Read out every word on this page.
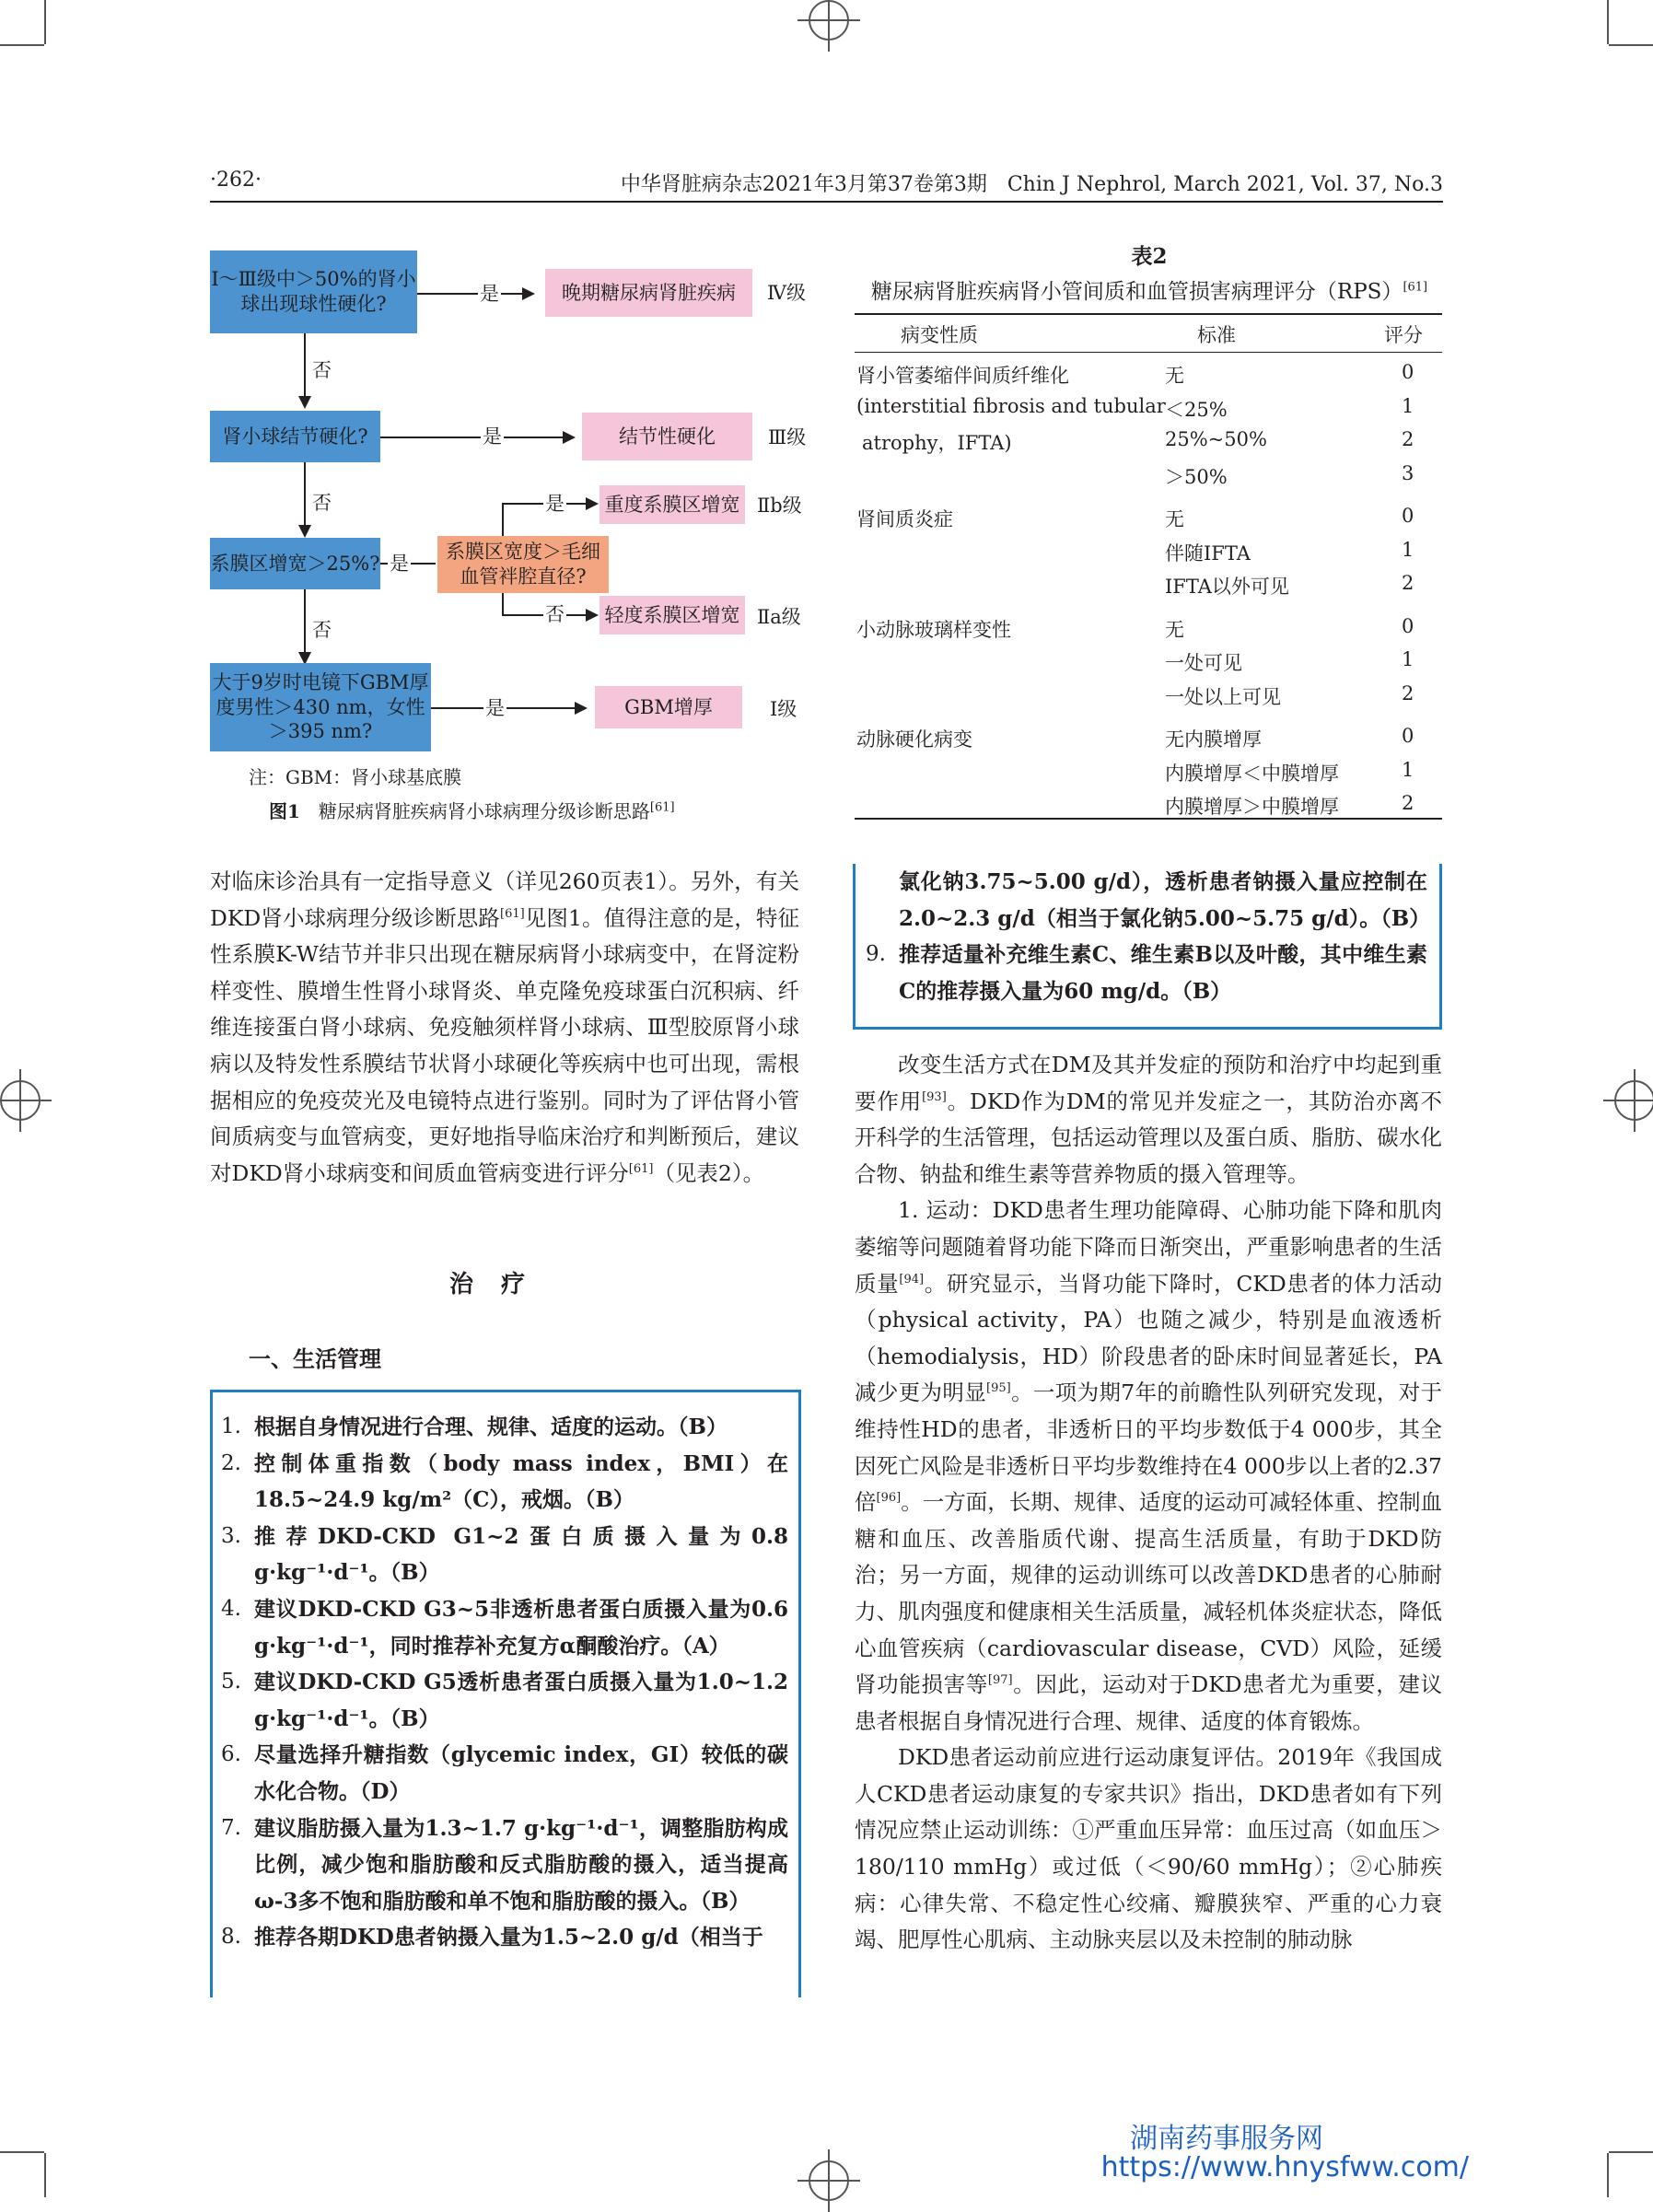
·262·	中华肾脏病杂志2021年3月第37卷第3期　Chin J Nephrol, March 2021, Vol. 37, No.3
Ⅰ～Ⅲ级中＞50%的肾小球出现球性硬化?	是	晚期糖尿病肾脏疾病	Ⅳ级
否
肾小球结节硬化?	是	结节性硬化	Ⅲ级
否
系膜区增宽＞25%? 是
系膜区宽度＞毛细血管袢腔直径?
是 重度系膜区增宽 Ⅱb级
否 轻度系膜区增宽 Ⅱa级
否
大于9岁时电镜下GBM厚度男性＞430 nm，女性＞395 nm?
是	GBM增厚	Ⅰ级
注：GBM：肾小球基底膜
图1　 糖尿病肾脏疾病肾小球病理分级诊断思路[61]

对临床诊治具有一定指导意义（详见260页表1）。另外，有关DKD肾小球病理分级诊断思路[61]见图1。值得注意的是，特征性系膜K-W结节并非只出现在糖尿病肾小球病变中，在肾淀粉样变性、膜增生性肾小球肾炎、单克隆免疫球蛋白沉积病、纤维连接蛋白肾小球病、免疫触须样肾小球病、Ⅲ型胶原肾小球病以及特发性系膜结节状肾小球硬化等疾病中也可出现，需根据相应的免疫荧光及电镜特点进行鉴别。同时为了评估肾小管间质病变与血管病变，更好地指导临床治疗和判断预后，建议对DKD肾小球病变和间质血管病变进行评分[61]（见表2）。

治疗
一、生活管理
1. 根据自身情况进行合理、规律、适度的运动。（B）
2. 控制体重指数（body mass index，BMI）在18.5~24.9 kg/m²（C），戒烟。（B）
3. 推荐DKD-CKD G1~2蛋白质摄入量为0.8 g·kg⁻¹·d⁻¹。（B）
4. 建议DKD-CKD G3~5非透析患者蛋白质摄入量为0.6 g·kg⁻¹·d⁻¹，同时推荐补充复方α酮酸治疗。（A）
5. 建议DKD-CKD G5透析患者蛋白质摄入量为1.0~1.2 g·kg⁻¹·d⁻¹。（B）
6. 尽量选择升糖指数（glycemic index，GI）较低的碳水化合物。（D）
7. 建议脂肪摄入量为1.3~1.7 g·kg⁻¹·d⁻¹，调整脂肪构成比例，减少饱和脂肪酸和反式脂肪酸的摄入，适当提高ω-3多不饱和脂肪酸和单不饱和脂肪酸的摄入。（B）
8. 推荐各期DKD患者钠摄入量为1.5~2.0 g/d（相当于
表2　糖尿病肾脏疾病肾小管间质和血管损害病理评分（RPS）[61]
病变性质	标准	评分
肾小管萎缩伴间质纤维化	无	0
(interstitial fibrosis and tubular ＜25%	1
atrophy，IFTA)	25%~50%	2
＞50%	3
肾间质炎症	无	0
伴随IFTA	1
IFTA以外可见	2
小动脉玻璃样变性	无	0
一处可见	1
一处以上可见	2
动脉硬化病变	无内膜增厚	0
内膜增厚＜中膜增厚	1
内膜增厚＞中膜增厚	2
氯化钠3.75~5.00 g/d），透析患者钠摄入量应控制在2.0~2.3 g/d（相当于氯化钠5.00~5.75 g/d）。（B）
9. 推荐适量补充维生素C、维生素B以及叶酸，其中维生素C的推荐摄入量为60 mg/d。（B）

改变生活方式在DM及其并发症的预防和治疗中均起到重要作用[93]。DKD作为DM的常见并发症之一，其防治亦离不开科学的生活管理，包括运动管理以及蛋白质、脂肪、碳水化合物、钠盐和维生素等营养物质的摄入管理等。

1. 运动：DKD患者生理功能障碍、心肺功能下降和肌肉萎缩等问题随着肾功能下降而日渐突出，严重影响患者的生活质量[94]。研究显示，当肾功能下降时，CKD患者的体力活动（physical activity，PA）也随之减少，特别是血液透析（hemodialysis，HD）阶段患者的卧床时间显著延长，PA减少更为明显[95]。一项为期7年的前瞻性队列研究发现，对于维持性HD的患者，非透析日的平均步数低于4 000步，其全因死亡风险是非透析日平均步数维持在4 000步以上者的2.37倍[96]。一方面，长期、规律、适度的运动可减轻体重、控制血糖和血压、改善脂质代谢、提高生活质量，有助于DKD防治；另一方面，规律的运动训练可以改善DKD患者的心肺耐力、肌肉强度和健康相关生活质量，减轻机体炎症状态，降低心血管疾病（cardiovascular disease，CVD）风险，延缓肾功能损害等[97]。因此，运动对于DKD患者尤为重要，建议患者根据自身情况进行合理、规律、适度的体育锻炼。

DKD患者运动前应进行运动康复评估。2019年《我国成人CKD患者运动康复的专家共识》指出，DKD患者如有下列情况应禁止运动训练：①严重血压异常：血压过高（如血压＞180/110 mmHg）或过低（＜90/60 mmHg）；②心肺疾病：心律失常、不稳定性心绞痛、瓣膜狭窄、严重的心力衰竭、肥厚性心肌病、主动脉夹层以及未控制的肺动脉

湖南药事服务网
https://www.hnysfww.com/
